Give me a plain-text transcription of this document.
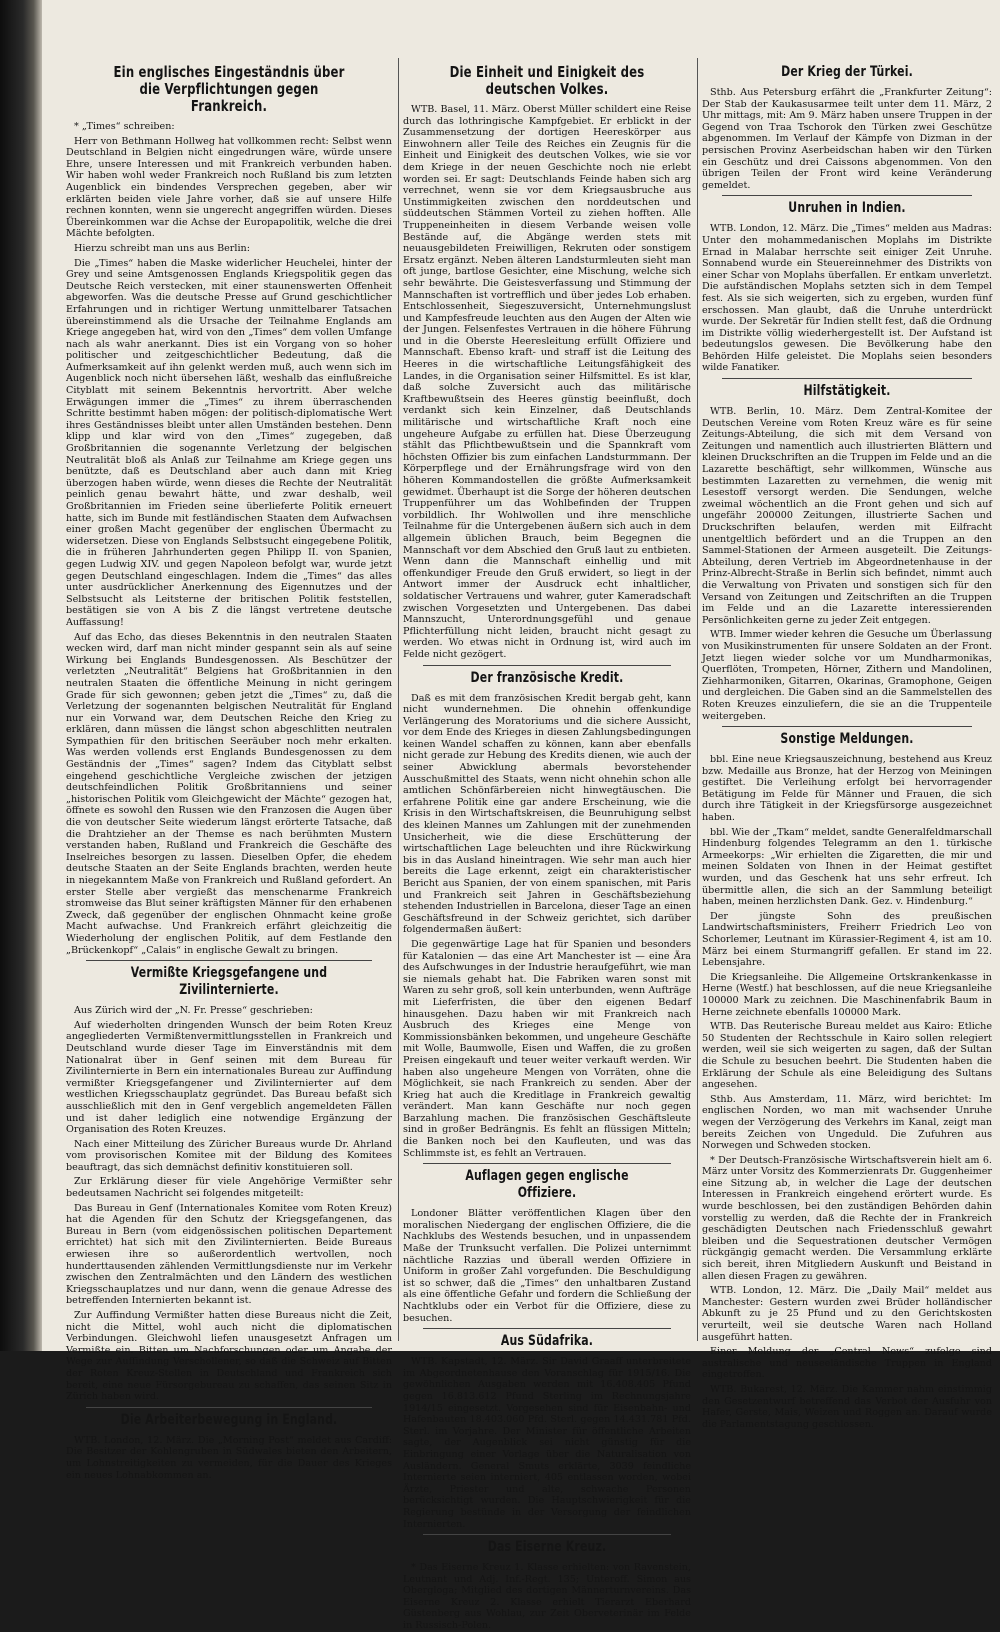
Ein englisches Eingeständnis über die Verpflichtungen gegen Frankreich.
* „Times“ schreiben:
Herr von Bethmann Hollweg hat vollkommen recht: Selbst wenn Deutschland in Belgien nicht eingedrungen wäre, würde unsere Ehre, unsere Interessen und mit Frankreich verbunden haben. Wir haben wohl weder Frankreich noch Rußland bis zum letzten Augenblick ein bindendes Versprechen gegeben, aber wir erklärten beiden viele Jahre vorher, daß sie auf unsere Hilfe rechnen konnten, wenn sie ungerecht angegriffen würden. Dieses Übereinkommen war die Achse der Europapolitik, welche die drei Mächte befolgten.
Hierzu schreibt man uns aus Berlin:
Die „Times“ haben die Maske widerlicher Heuchelei, hinter der Grey und seine Amtsgenossen Englands Kriegspolitik gegen das Deutsche Reich verstecken, mit einer staunenswerten Offenheit abgeworfen. Was die deutsche Presse auf Grund geschichtlicher Erfahrungen und in richtiger Wertung unmittelbarer Tatsachen übereinstimmend als die Ursache der Teilnahme Englands am Kriege angegeben hat, wird von den „Times“ dem vollen Umfange nach als wahr anerkannt. Dies ist ein Vorgang von so hoher politischer und zeitgeschichtlicher Bedeutung, daß die Aufmerksamkeit auf ihn gelenkt werden muß, auch wenn sich im Augenblick noch nicht übersehen läßt, weshalb das einflußreiche Cityblatt mit seinem Bekenntnis hervortritt. Aber welche Erwägungen immer die „Times“ zu ihrem überraschenden Schritte bestimmt haben mögen: der politisch-diplomatische Wert ihres Geständnisses bleibt unter allen Umständen bestehen. Denn klipp und klar wird von den „Times“ zugegeben, daß Großbritannien die sogenannte Verletzung der belgischen Neutralität bloß als Anlaß zur Teilnahme am Kriege gegen uns benützte, daß es Deutschland aber auch dann mit Krieg überzogen haben würde, wenn dieses die Rechte der Neutralität peinlich genau bewahrt hätte, und zwar deshalb, weil Großbritannien im Frieden seine überlieferte Politik erneuert hatte, sich im Bunde mit festländischen Staaten dem Aufwachsen einer großen Macht gegenüber der englischen Übermacht zu widersetzen. Diese von Englands Selbstsucht eingegebene Politik, die in früheren Jahrhunderten gegen Philipp II. von Spanien, gegen Ludwig XIV. und gegen Napoleon befolgt war, wurde jetzt gegen Deutschland eingeschlagen. Indem die „Times“ das alles unter ausdrücklicher Anerkennung des Eigennutzes und der Selbstsucht als Leitsterne der britischen Politik feststellen, bestätigen sie von A bis Z die längst vertretene deutsche Auffassung!
Auf das Echo, das dieses Bekenntnis in den neutralen Staaten wecken wird, darf man nicht minder gespannt sein als auf seine Wirkung bei Englands Bundesgenossen. Als Beschützer der verletzten „Neutralität“ Belgiens hat Großbritannien in den neutralen Staaten die öffentliche Meinung in nicht geringem Grade für sich gewonnen; geben jetzt die „Times“ zu, daß die Verletzung der sogenannten belgischen Neutralität für England nur ein Vorwand war, dem Deutschen Reiche den Krieg zu erklären, dann müssen die längst schon abgeschlitten neutralen Sympathien für den britischen Seeräuber noch mehr erkalten. Was werden vollends erst Englands Bundesgenossen zu dem Geständnis der „Times“ sagen? Indem das Cityblatt selbst eingehend geschichtliche Vergleiche zwischen der jetzigen deutschfeindlichen Politik Großbritanniens und seiner „historischen Politik vom Gleichgewicht der Mächte“ gezogen hat, öffnete es sowohl den Russen wie den Franzosen die Augen über die von deutscher Seite wiederum längst erörterte Tatsache, daß die Drahtzieher an der Themse es nach berühmten Mustern verstanden haben, Rußland und Frankreich die Geschäfte des Inselreiches besorgen zu lassen. Dieselben Opfer, die ehedem deutsche Staaten an der Seite Englands brachten, werden heute in niegekanntem Maße von Frankreich und Rußland gefordert. An erster Stelle aber vergießt das menschenarme Frankreich stromweise das Blut seiner kräftigsten Männer für den erhabenen Zweck, daß gegenüber der englischen Ohnmacht keine große Macht aufwachse. Und Frankreich erfährt gleichzeitig die Wiederholung der englischen Politik, auf dem Festlande den „Brückenkopf“ „Calais“ in englische Gewalt zu bringen.
Vermißte Kriegsgefangene und Zivilinternierte.
Aus Zürich wird der „N. Fr. Presse“ geschrieben:
Auf wiederholten dringenden Wunsch der beim Roten Kreuz angegliederten Vermißtenvermittlungsstellen in Frankreich und Deutschland wurde dieser Tage im Einverständnis mit dem Nationalrat über in Genf seinen mit dem Bureau für Zivilinternierte in Bern ein internationales Bureau zur Auffindung vermißter Kriegsgefangener und Zivilinternierter auf dem westlichen Kriegsschauplatz gegründet. Das Bureau befaßt sich ausschließlich mit den in Genf vergeblich angemeldeten Fällen und ist daher lediglich eine notwendige Ergänzung der Organisation des Roten Kreuzes.
Nach einer Mitteilung des Züricher Bureaus wurde Dr. Ahrland vom provisorischen Komitee mit der Bildung des Komitees beauftragt, das sich demnächst definitiv konstituieren soll.
Zur Erklärung dieser für viele Angehörige Vermißter sehr bedeutsamen Nachricht sei folgendes mitgeteilt:
Das Bureau in Genf (Internationales Komitee vom Roten Kreuz) hat die Agenden für den Schutz der Kriegsgefangenen, das Bureau in Bern (vom eidgenössischen politischen Departement errichtet) hat sich mit den Zivilinternierten. Beide Bureaus erwiesen ihre so außerordentlich wertvollen, noch hunderttausenden zählenden Vermittlungsdienste nur im Verkehr zwischen den Zentralmächten und den Ländern des westlichen Kriegsschauplatzes und nur dann, wenn die genaue Adresse des betreffenden Internierten bekannt ist.
Zur Auffindung Vermißter hatten diese Bureaus nicht die Zeit, nicht die Mittel, wohl auch nicht die diplomatischen Verbindungen. Gleichwohl liefen unausgesetzt Anfragen um Vermißte ein. Bitten um Nachforschungen oder um Angabe der Wege zur Auffindung Verschollener, so daß die Schweiz auf Bitten der Roten Kreuz-Stellen in Deutschland und Frankreich sich bereit, eine neue Fürsorgebureau zu schaffen, das seinen Sitz in Zürich haben wird.
Die Arbeiterbewegung in England.
WTB. London, 12. März. Die „Morning Post“ meldet aus Cardiff: Die Besitzer der Kohlengruben in Südwales bieten den Arbeitern, um Lohnstreitigkeiten zu vermeiden, für die Dauer des Krieges ein neues Lohnabkommen an.
Die Einheit und Einigkeit des deutschen Volkes.
WTB. Basel, 11. März. Oberst Müller schildert eine Reise durch das lothringische Kampfgebiet. Er erblickt in der Zusammensetzung der dortigen Heereskörper aus Einwohnern aller Teile des Reiches ein Zeugnis für die Einheit und Einigkeit des deutschen Volkes, wie sie vor dem Kriege in der neuen Geschichte noch nie erlebt worden sei. Er sagt: Deutschlands Feinde haben sich arg verrechnet, wenn sie vor dem Kriegsausbruche aus Unstimmigkeiten zwischen den norddeutschen und süddeutschen Stämmen Vorteil zu ziehen hofften. Alle Truppeneinheiten in diesem Verbande weisen volle Bestände auf, die Abgänge werden stets mit neuausgebildeten Freiwilligen, Rekruten oder sonstigem Ersatz ergänzt. Neben älteren Landsturmleuten sieht man oft junge, bartlose Gesichter, eine Mischung, welche sich sehr bewährte. Die Geistesverfassung und Stimmung der Mannschaften ist vortrefflich und über jedes Lob erhaben. Entschlossenheit, Siegeszuversicht, Unternehmungslust und Kampfesfreude leuchten aus den Augen der Alten wie der Jungen. Felsenfestes Vertrauen in die höhere Führung und in die Oberste Heeresleitung erfüllt Offiziere und Mannschaft. Ebenso kraft- und straff ist die Leitung des Heeres in die wirtschaftliche Leitungsfähigkeit des Landes, in die Organisation seiner Hilfsmittel. Es ist klar, daß solche Zuversicht auch das militärische Kraftbewußtsein des Heeres günstig beeinflußt, doch verdankt sich kein Einzelner, daß Deutschlands militärische und wirtschaftliche Kraft noch eine ungeheure Aufgabe zu erfüllen hat. Diese Überzeugung stählt das Pflichtbewußtsein und die Spannkraft vom höchsten Offizier bis zum einfachen Landsturmmann. Der Körperpflege und der Ernährungsfrage wird von den höheren Kommandostellen die größte Aufmerksamkeit gewidmet. Überhaupt ist die Sorge der höheren deutschen Truppenführer um das Wohlbefinden der Truppen vorbildlich. Ihr Wohlwollen und ihre menschliche Teilnahme für die Untergebenen äußern sich auch in dem allgemein üblichen Brauch, beim Begegnen die Mannschaft vor dem Abschied den Gruß laut zu entbieten. Wenn dann die Mannschaft einhellig und mit offenkundiger Freude den Gruß erwidert, so liegt in der Antwort immer der Ausdruck echt inhaltlicher, soldatischer Vertrauens und wahrer, guter Kameradschaft zwischen Vorgesetzten und Untergebenen. Das dabei Mannszucht, Unterordnungsgefühl und genaue Pflichterfüllung nicht leiden, braucht nicht gesagt zu werden. Wo etwas nicht in Ordnung ist, wird auch im Felde nicht gezögert.
Der französische Kredit.
Daß es mit dem französischen Kredit bergab geht, kann nicht wundernehmen. Die ohnehin offenkundige Verlängerung des Moratoriums und die sichere Aussicht, vor dem Ende des Krieges in diesen Zahlungsbedingungen keinen Wandel schaffen zu können, kann aber ebenfalls nicht gerade zur Hebung des Kredits dienen, wie auch der seiner Abwicklung abermals bevorstehender Ausschußmittel des Staats, wenn nicht ohnehin schon alle amtlichen Schönfärbereien nicht hinwegtäuschen. Die erfahrene Politik eine gar andere Erscheinung, wie die Krisis in den Wirtschaftskreisen, die Beunruhigung selbst des kleinen Mannes um Zahlungen mit der zunehmenden Unsicherheit, wie die diese Erschütterung der wirtschaftlichen Lage beleuchten und ihre Rückwirkung bis in das Ausland hineintragen. Wie sehr man auch hier bereits die Lage erkennt, zeigt ein charakteristischer Bericht aus Spanien, der von einem spanischen, mit Paris und Frankreich seit Jahren in Geschäftsbeziehung stehenden Industriellen in Barcelona, dieser Tage an einen Geschäftsfreund in der Schweiz gerichtet, sich darüber folgendermaßen äußert:
Die gegenwärtige Lage hat für Spanien und besonders für Katalonien — das eine Art Manchester ist — eine Ära des Aufschwunges in der Industrie heraufgeführt, wie man sie niemals gehabt hat. Die Fabriken waren sonst mit Waren zu sehr groß, soll kein unterbunden, wenn Aufträge mit Lieferfristen, die über den eigenen Bedarf hinausgehen. Dazu haben wir mit Frankreich nach Ausbruch des Krieges eine Menge von Kommissionsbänken bekommen, und ungeheure Geschäfte mit Wolle, Baumwolle, Eisen und Waffen, die zu großen Preisen eingekauft und teuer weiter verkauft werden. Wir haben also ungeheure Mengen von Vorräten, ohne die Möglichkeit, sie nach Frankreich zu senden. Aber der Krieg hat auch die Kreditlage in Frankreich gewaltig verändert. Man kann Geschäfte nur noch gegen Barzahlung machen. Die französischen Geschäftsleute sind in großer Bedrängnis. Es fehlt an flüssigen Mitteln; die Banken noch bei den Kaufleuten, und was das Schlimmste ist, es fehlt an Vertrauen.
Auflagen gegen englische Offiziere.
Londoner Blätter veröffentlichen Klagen über den moralischen Niedergang der englischen Offiziere, die die Nachklubs des Westends besuchen, und in unpassendem Maße der Trunksucht verfallen. Die Polizei unternimmt nächtliche Razzias und überall werden Offiziere in Uniform in großer Zahl vorgefunden. Die Beschuldigung ist so schwer, daß die „Times“ den unhaltbaren Zustand als eine öffentliche Gefahr und fordern die Schließung der Nachtklubs oder ein Verbot für die Offiziere, diese zu besuchen.
Aus Südafrika.
WTB. Kapstadt, 12. März. Sir David Graaff unterbreitete im Abgeordnetenhause den Voranschlag für 1915/16. Die gewöhnlichen Ausgaben werden mit 16.408.405 Pfund gegen 16.813.612 Pfund Sterling im Rechnungsjahre 1914/15 eingesetzt. Vorgesehen sind für Eisenbahn- und Hafenbauten 18.403.060 Pfd. Sterl. gegen 14.431.781 Pfd. Sterl. im Vorjahre. Der Minister für öffentliche Arbeiten sagte, der Augenblick sei nicht günstig für die Einbringung einer Vorlage über die Naturalisation von Ausländern. General Smuts erklärte, 3039 feindliche Internierte seien interniert, 405 entlassen worden, wobei Ärzte, Priester und alte, schwache Personen berücksichtigt wurden. Die Hauptschwierigkeit für die Regierung bestünde in der Versorgung der feindlichen Internierten.
Das Eiserne Kreuz.
* Das Eiserne Kreuz 1. Klasse erhielten: von Ravenstein, Leutnant und Adj. Inf.-Regt. 135; Unteroff. Simon aus Obergloga; Mitglied des dortigen Männerturnvereins. Das Eiserne Kreuz 2. Klasse erhielt Tierarzt Eberhard Güstenberg aus Wohlau, zur Zeit Oberveterinär im Felde in Russisch-Polen.
Der Krieg der Türkei.
Sthb. Aus Petersburg erfährt die „Frankfurter Zeitung“: Der Stab der Kaukasusarmee teilt unter dem 11. März, 2 Uhr mittags, mit: Am 9. März haben unsere Truppen in der Gegend von Traa Tschorok den Türken zwei Geschütze abgenommen. Im Verlauf der Kämpfe von Dizman in der persischen Provinz Aserbeidschan haben wir den Türken ein Geschütz und drei Caissons abgenommen. Von den übrigen Teilen der Front wird keine Veränderung gemeldet.
Unruhen in Indien.
WTB. London, 12. März. Die „Times“ melden aus Madras: Unter den mohammedanischen Moplahs im Distrikte Ernad in Malabar herrschte seit einiger Zeit Unruhe. Sonnabend wurde ein Steuereinnehmer des Distrikts von einer Schar von Moplahs überfallen. Er entkam unverletzt. Die aufständischen Moplahs setzten sich in dem Tempel fest. Als sie sich weigerten, sich zu ergeben, wurden fünf erschossen. Man glaubt, daß die Unruhe unterdrückt wurde. Der Sekretär für Indien stellt fest, daß die Ordnung im Distrikte völlig wiederhergestellt ist. Der Aufstand ist bedeutungslos gewesen. Die Bevölkerung habe den Behörden Hilfe geleistet. Die Moplahs seien besonders wilde Fanatiker.
Hilfstätigkeit.
WTB. Berlin, 10. März. Dem Zentral-Komitee der Deutschen Vereine vom Roten Kreuz wäre es für seine Zeitungs-Abteilung, die sich mit dem Versand von Zeitungen und namentlich auch illustrierten Blättern und kleinen Druckschriften an die Truppen im Felde und an die Lazarette beschäftigt, sehr willkommen, Wünsche aus bestimmten Lazaretten zu vernehmen, die wenig mit Lesestoff versorgt werden. Die Sendungen, welche zweimal wöchentlich an die Front gehen und sich auf ungefähr 200000 Zeitungen, illustrierte Sachen und Druckschriften belaufen, werden mit Eilfracht unentgeltlich befördert und an die Truppen an den Sammel-Stationen der Armeen ausgeteilt. Die Zeitungs-Abteilung, deren Vertrieb im Abgeordnetenhause in der Prinz-Albrecht-Straße in Berlin sich befindet, nimmt auch die Verwaltung von Privaten und sonstigen sich für den Versand von Zeitungen und Zeitschriften an die Truppen im Felde und an die Lazarette interessierenden Persönlichkeiten gerne zu jeder Zeit entgegen.
WTB. Immer wieder kehren die Gesuche um Überlassung von Musikinstrumenten für unsere Soldaten an der Front. Jetzt liegen wieder solche vor um Mundharmonikas, Querflöten, Trompeten, Hörner, Zithern und Mandolinen, Ziehharmoniken, Gitarren, Okarinas, Gramophone, Geigen und dergleichen. Die Gaben sind an die Sammelstellen des Roten Kreuzes einzuliefern, die sie an die Truppenteile weitergeben.
Sonstige Meldungen.
bbl. Eine neue Kriegsauszeichnung, bestehend aus Kreuz bzw. Medaille aus Bronze, hat der Herzog von Meiningen gestiftet. Die Verleihung erfolgt bei hervorragender Betätigung im Felde für Männer und Frauen, die sich durch ihre Tätigkeit in der Kriegsfürsorge ausgezeichnet haben.
bbl. Wie der „Tkam“ meldet, sandte Generalfeldmarschall Hindenburg folgendes Telegramm an den 1. türkische Armeekorps: „Wir erhielten die Zigaretten, die mir und meinen Soldaten von Ihnen in der Heimat gestiftet wurden, und das Geschenk hat uns sehr erfreut. Ich übermittle allen, die sich an der Sammlung beteiligt haben, meinen herzlichsten Dank. Gez. v. Hindenburg.“
Der jüngste Sohn des preußischen Landwirtschaftsministers, Freiherr Friedrich Leo von Schorlemer, Leutnant im Kürassier-Regiment 4, ist am 10. März bei einem Sturmangriff gefallen. Er stand im 22. Lebensjahre.
Die Kriegsanleihe. Die Allgemeine Ortskrankenkasse in Herne (Westf.) hat beschlossen, auf die neue Kriegsanleihe 100000 Mark zu zeichnen. Die Maschinenfabrik Baum in Herne zeichnete ebenfalls 100000 Mark.
WTB. Das Reuterische Bureau meldet aus Kairo: Etliche 50 Studenten der Rechtsschule in Kairo sollen relegiert werden, weil sie sich weigerten zu sagen, daß der Sultan die Schule zu besuchen beehrt. Die Studenten haben die Erklärung der Schule als eine Beleidigung des Sultans angesehen.
Sthb. Aus Amsterdam, 11. März, wird berichtet: Im englischen Norden, wo man mit wachsender Unruhe wegen der Verzögerung des Verkehrs im Kanal, zeigt man bereits Zeichen von Ungeduld. Die Zufuhren aus Norwegen und Schweden stocken.
* Der Deutsch-Französische Wirtschaftsverein hielt am 6. März unter Vorsitz des Kommerzienrats Dr. Guggenheimer eine Sitzung ab, in welcher die Lage der deutschen Interessen in Frankreich eingehend erörtert wurde. Es wurde beschlossen, bei den zuständigen Behörden dahin vorstellig zu werden, daß die Rechte der in Frankreich geschädigten Deutschen nach Friedensschluß gewahrt bleiben und die Sequestrationen deutscher Vermögen rückgängig gemacht werden. Die Versammlung erklärte sich bereit, ihren Mitgliedern Auskunft und Beistand in allen diesen Fragen zu gewähren.
WTB. London, 12. März. Die „Daily Mail“ meldet aus Manchester: Gestern wurden zwei Brüder holländischer Abkunft zu je 25 Pfund und zu den Gerichtskosten verurteilt, weil sie deutsche Waren nach Holland ausgeführt hatten.
Einer Meldung der „Central News“ zufolge sind australische und neuseeländische Truppen in England eingetroffen.
WTB. Bukarest, 12. März. Die Kammer nahm einstimmig den Gesetzentwurf betreffend das Verbot der Ausfuhr von Hafer, Gerste, Mais, Weizen und Roggen an. Darauf wurde die Parlamentstagung geschlossen.
